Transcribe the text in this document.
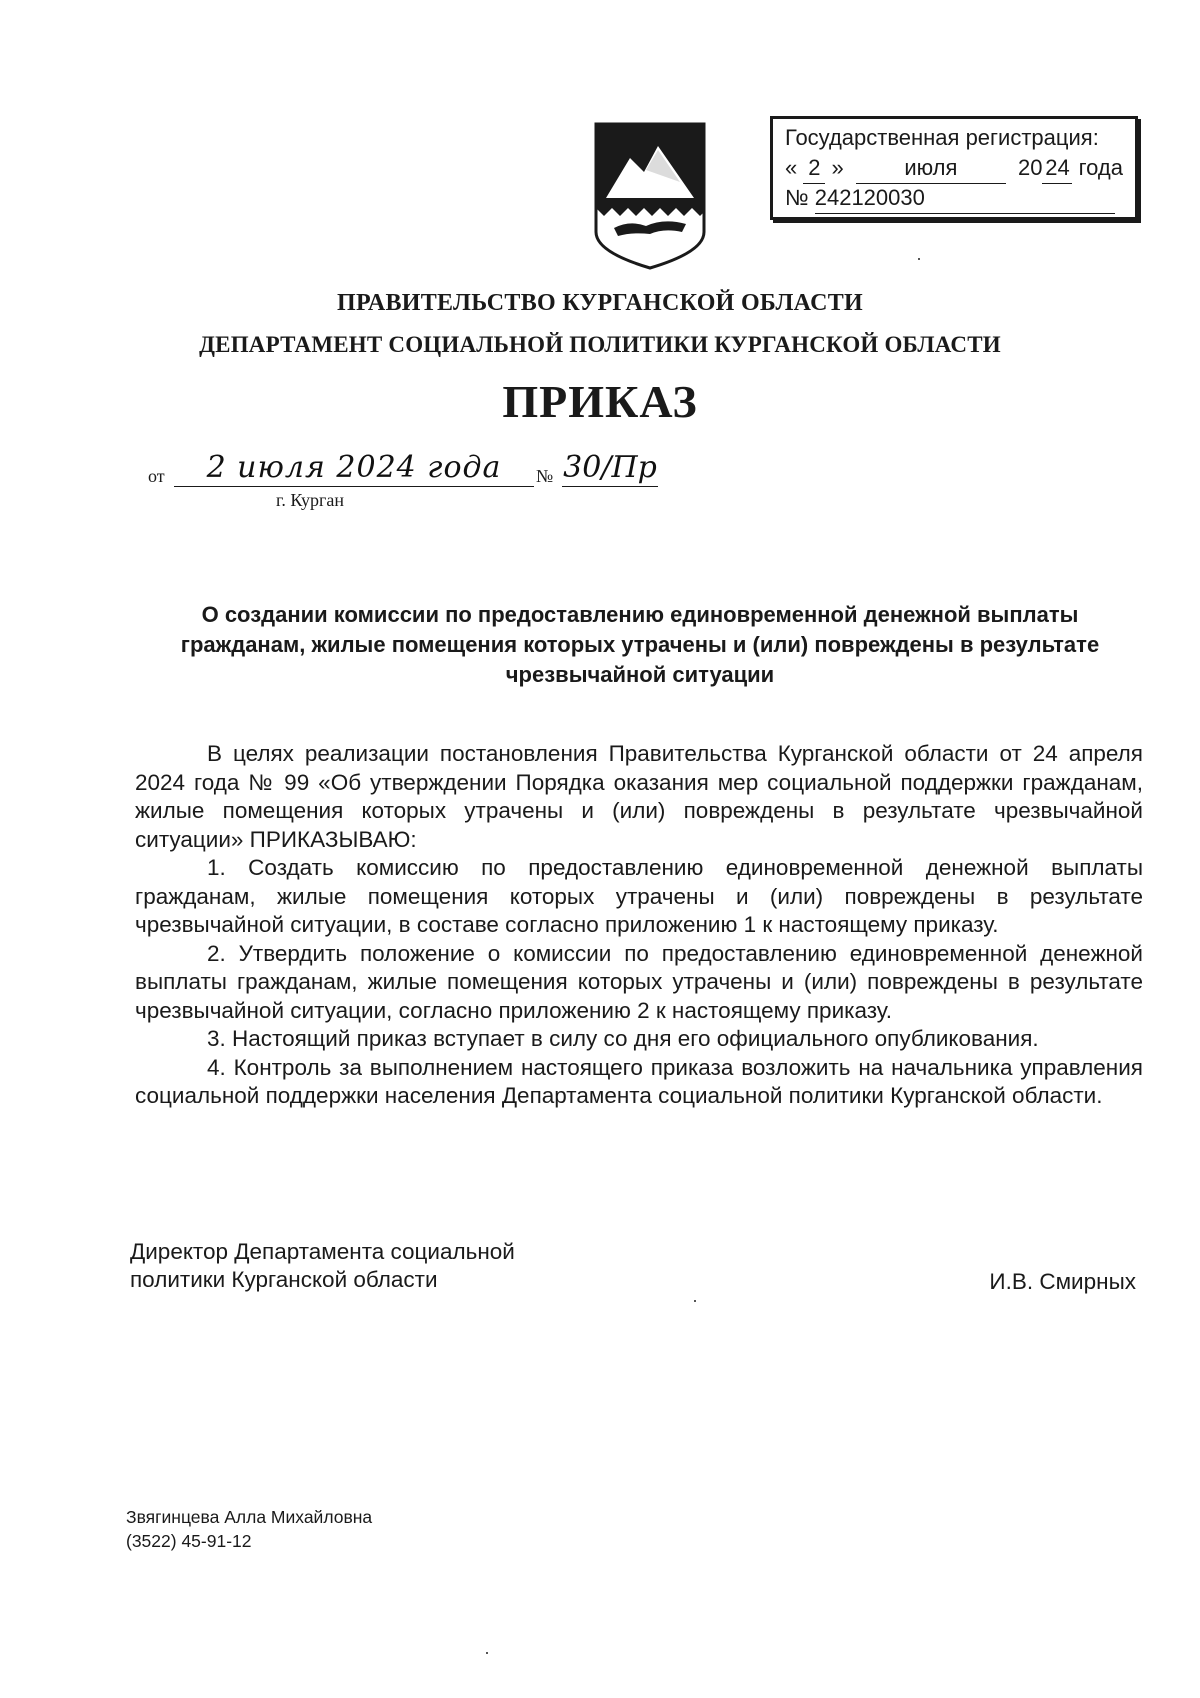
Государственная регистрация:
« 2 »	июля	20 24 года
№ 242120030
ПРАВИТЕЛЬСТВО КУРГАНСКОЙ ОБЛАСТИ
ДЕПАРТАМЕНТ СОЦИАЛЬНОЙ ПОЛИТИКИ КУРГАНСКОЙ ОБЛАСТИ
ПРИКАЗ
от	2 июля 2024 года	№ 30/Пр
г. Курган
О создании комиссии по предоставлению единовременной денежной выплаты гражданам, жилые помещения которых утрачены и (или) повреждены в результате чрезвычайной ситуации

В целях реализации постановления Правительства Курганской области от 24 апреля 2024 года № 99 «Об утверждении Порядка оказания мер социальной поддержки гражданам, жилые помещения которых утрачены и (или) повреждены в результате чрезвычайной ситуации» ПРИКАЗЫВАЮ:

1. Создать комиссию по предоставлению единовременной денежной выплаты гражданам, жилые помещения которых утрачены и (или) повреждены в результате чрезвычайной ситуации, в составе согласно приложению 1 к настоящему приказу.

2. Утвердить положение о комиссии по предоставлению единовременной денежной выплаты гражданам, жилые помещения которых утрачены и (или) повреждены в результате чрезвычайной ситуации, согласно приложению 2 к настоящему приказу.

3. Настоящий приказ вступает в силу со дня его официального опубликования.

4. Контроль за выполнением настоящего приказа возложить на начальника управления социальной поддержки населения Департамента социальной политики Курганской области.

Директор Департамента социальной
политики Курганской области	И.В. Смирных
Звягинцева Алла Михайловна
(3522) 45-91-12
